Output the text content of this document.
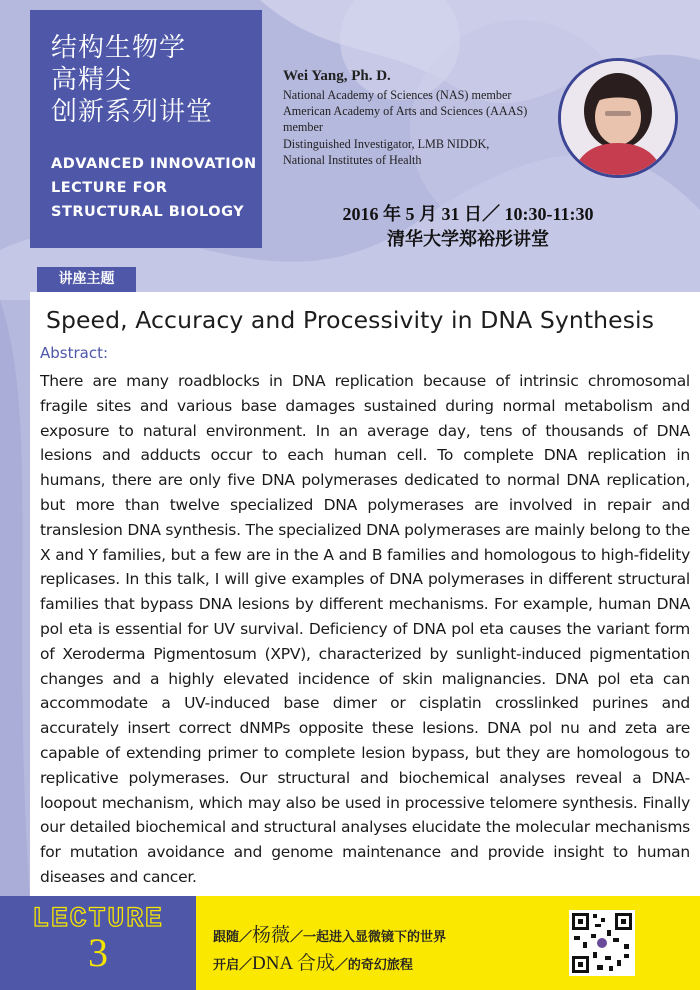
结构生物学
高精尖
创新系列讲堂
ADVANCED INNOVATION
LECTURE FOR
STRUCTURAL BIOLOGY
Wei Yang, Ph. D.
National Academy of Sciences (NAS) member
American Academy of Arts and Sciences (AAAS)
member
Distinguished Investigator, LMB NIDDK,
National Institutes of Health
2016 年 5 月 31 日／ 10:30-11:30
清华大学郑裕彤讲堂
讲座主题
Speed, Accuracy and Processivity in DNA Synthesis
Abstract:
There are many roadblocks in DNA replication because of intrinsic chromosomal fragile sites and various base damages sustained during normal metabolism and exposure to natural environment. In an average day, tens of thousands of DNA lesions and adducts occur to each human cell. To complete DNA replication in humans, there are only five DNA polymerases dedicated to normal DNA replication, but more than twelve specialized DNA polymerases are involved in repair and translesion DNA synthesis. The specialized DNA polymerases are mainly belong to the X and Y families, but a few are in the A and B families and homologous to high-fidelity replicases. In this talk, I will give examples of DNA polymerases in different structural families that bypass DNA lesions by different mechanisms. For example, human DNA pol eta is essential for UV survival. Deficiency of DNA pol eta causes the variant form of Xeroderma Pigmentosum (XPV), characterized by sunlight-induced pigmentation changes and a highly elevated incidence of skin malignancies. DNA pol eta can accommodate a UV-induced base dimer or cisplatin crosslinked purines and accurately insert correct dNMPs opposite these lesions. DNA pol nu and zeta are capable of extending primer to complete lesion bypass, but they are homologous to replicative polymerases. Our structural and biochemical analyses reveal a DNA-loopout mechanism, which may also be used in processive telomere synthesis. Finally our detailed biochemical and structural analyses elucidate the molecular mechanisms for mutation avoidance and genome maintenance and provide insight to human diseases and cancer.
LECTURE
3	跟随／杨薇／一起进入显微镜下的世界
开启／DNA 合成／的奇幻旅程
